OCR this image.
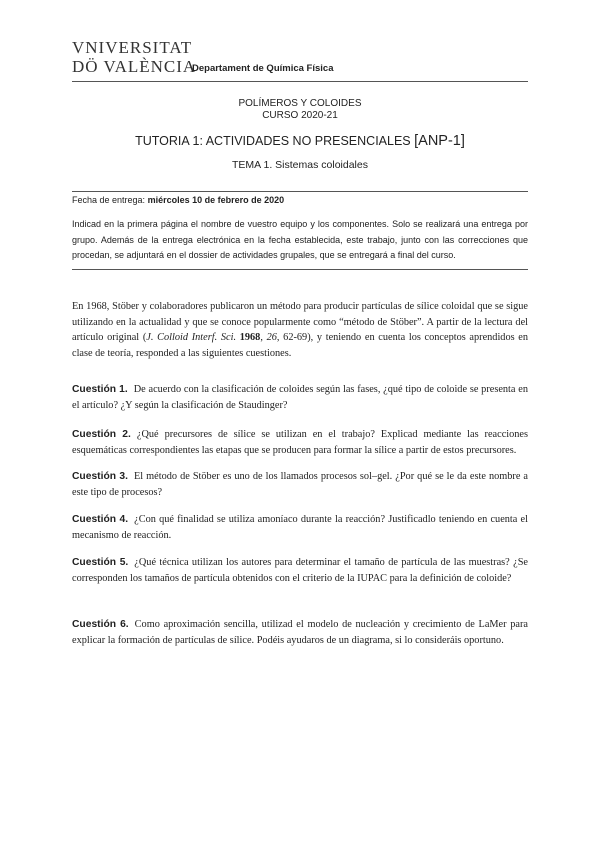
VNIVERSITAT
DÖ VALÈNCIA
Departament de Química Física
POLÍMEROS Y COLOIDES
CURSO 2020-21
TUTORIA 1: ACTIVIDADES NO PRESENCIALES [ANP-1]
TEMA 1. Sistemas coloidales
Fecha de entrega: miércoles 10 de febrero de 2020
Indicad en la primera página el nombre de vuestro equipo y los componentes. Solo se realizará una entrega por grupo. Además de la entrega electrónica en la fecha establecida, este trabajo, junto con las correcciones que procedan, se adjuntará en el dossier de actividades grupales, que se entregará a final del curso.
En 1968, Stöber y colaboradores publicaron un método para producir partículas de sílice coloidal que se sigue utilizando en la actualidad y que se conoce popularmente como “método de Stöber”. A partir de la lectura del artículo original (J. Colloid Interf. Sci. 1968, 26, 62-69), y teniendo en cuenta los conceptos aprendidos en clase de teoría, responded a las siguientes cuestiones.
Cuestión 1. De acuerdo con la clasificación de coloides según las fases, ¿qué tipo de coloide se presenta en el artículo? ¿Y según la clasificación de Staudinger?
Cuestión 2. ¿Qué precursores de sílice se utilizan en el trabajo? Explicad mediante las reacciones esquemáticas correspondientes las etapas que se producen para formar la sílice a partir de estos precursores.
Cuestión 3. El método de Stöber es uno de los llamados procesos sol–gel. ¿Por qué se le da este nombre a este tipo de procesos?
Cuestión 4. ¿Con qué finalidad se utiliza amoníaco durante la reacción? Justificadlo teniendo en cuenta el mecanismo de reacción.
Cuestión 5. ¿Qué técnica utilizan los autores para determinar el tamaño de partícula de las muestras? ¿Se corresponden los tamaños de partícula obtenidos con el criterio de la IUPAC para la definición de coloide?
Cuestión 6. Como aproximación sencilla, utilizad el modelo de nucleación y crecimiento de LaMer para explicar la formación de partículas de sílice. Podéis ayudaros de un diagrama, si lo consideráis oportuno.
